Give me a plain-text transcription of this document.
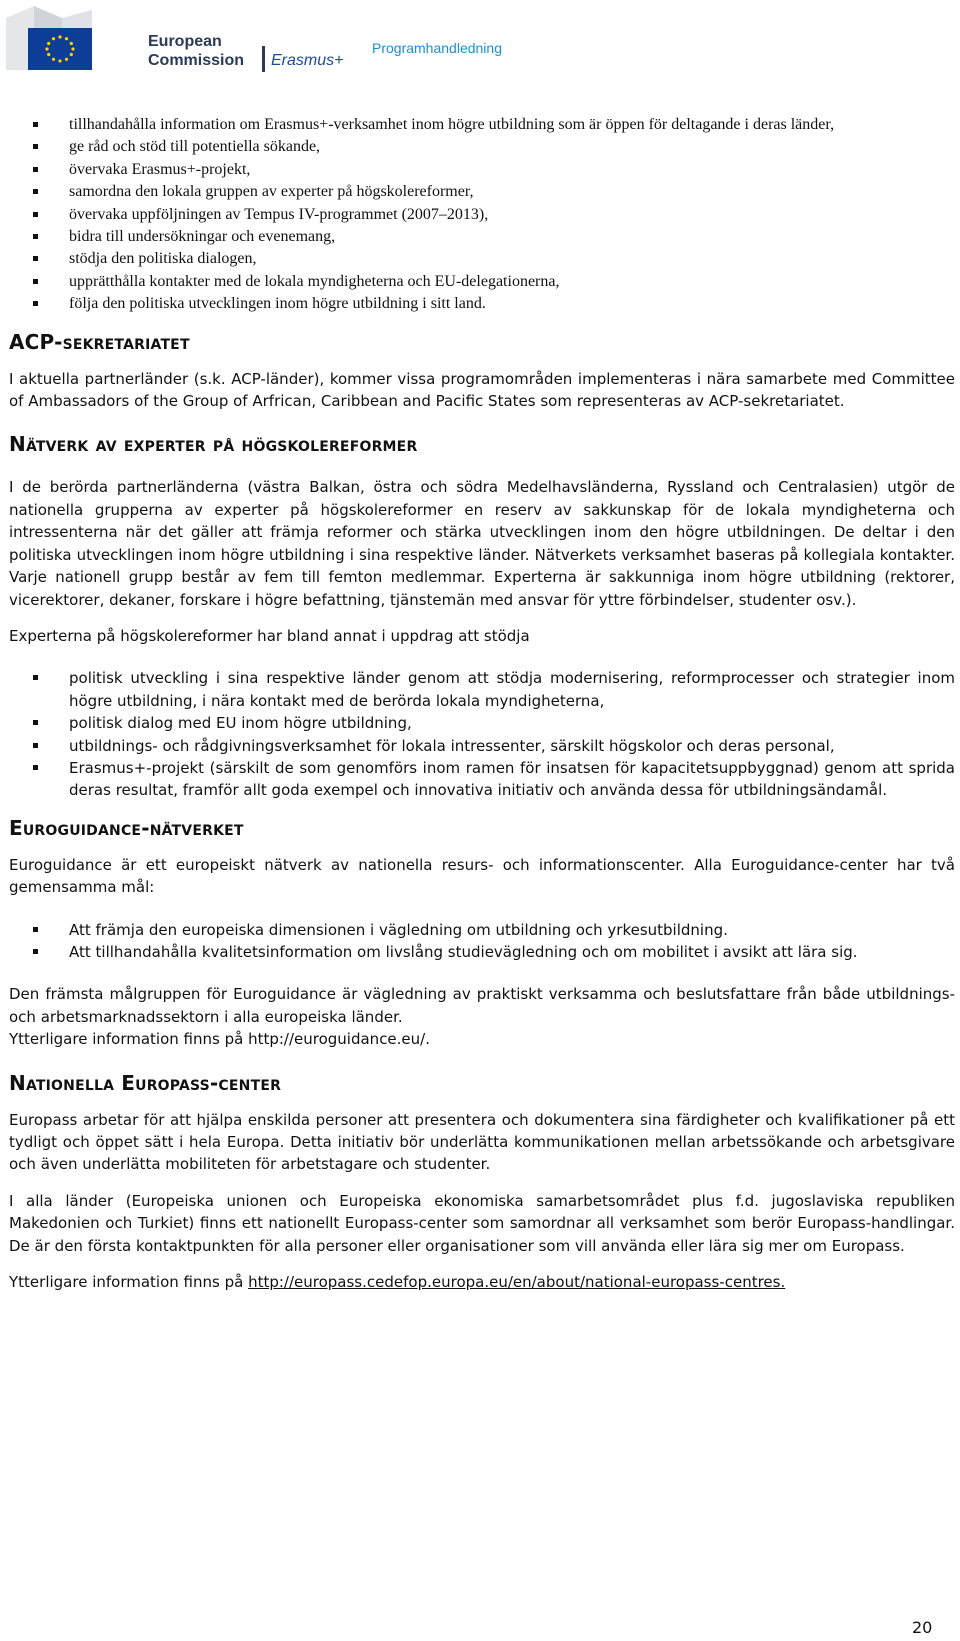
European
Commission Erasmus+
Programhandledning
tillhandahålla information om Erasmus+-verksamhet inom högre utbildning som är öppen för deltagande i deras länder,
ge råd och stöd till potentiella sökande,
övervaka Erasmus+-projekt,
samordna den lokala gruppen av experter på högskolereformer,
övervaka uppföljningen av Tempus IV-programmet (2007–2013),
bidra till undersökningar och evenemang,
stödja den politiska dialogen,
upprätthålla kontakter med de lokala myndigheterna och EU-delegationerna,
följa den politiska utvecklingen inom högre utbildning i sitt land.
ACP-sekretariatet

I aktuella partnerländer (s.k. ACP-länder), kommer vissa programområden implementeras i nära samarbete med Committee of Ambassadors of the Group of Arfrican, Caribbean and Pacific States som representeras av ACP-sekretariatet.

Nätverk av experter på högskolereformer

I de berörda partnerländerna (västra Balkan, östra och södra Medelhavsländerna, Ryssland och Centralasien) utgör de nationella grupperna av experter på högskolereformer en reserv av sakkunskap för de lokala myndigheterna och intressenterna när det gäller att främja reformer och stärka utvecklingen inom den högre utbildningen. De deltar i den politiska utvecklingen inom högre utbildning i sina respektive länder. Nätverkets verksamhet baseras på kollegiala kontakter. Varje nationell grupp består av fem till femton medlemmar. Experterna är sakkunniga inom högre utbildning (rektorer, vicerektorer, dekaner, forskare i högre befattning, tjänstemän med ansvar för yttre förbindelser, studenter osv.).

Experterna på högskolereformer har bland annat i uppdrag att stödja

politisk utveckling i sina respektive länder genom att stödja modernisering, reformprocesser och strategier inom högre utbildning, i nära kontakt med de berörda lokala myndigheterna,
politisk dialog med EU inom högre utbildning,
utbildnings- och rådgivningsverksamhet för lokala intressenter, särskilt högskolor och deras personal,
Erasmus+-projekt (särskilt de som genomförs inom ramen för insatsen för kapacitetsuppbyggnad) genom att sprida deras resultat, framför allt goda exempel och innovativa initiativ och använda dessa för utbildningsändamål.
Euroguidance-nätverket

Euroguidance är ett europeiskt nätverk av nationella resurs- och informationscenter. Alla Euroguidance-center har två gemensamma mål:

Att främja den europeiska dimensionen i vägledning om utbildning och yrkesutbildning.
Att tillhandahålla kvalitetsinformation om livslång studievägledning och om mobilitet i avsikt att lära sig.

Den främsta målgruppen för Euroguidance är vägledning av praktiskt verksamma och beslutsfattare från både utbildnings- och arbetsmarknadssektorn i alla europeiska länder.

Ytterligare information finns på http://euroguidance.eu/.

Nationella Europass-center

Europass arbetar för att hjälpa enskilda personer att presentera och dokumentera sina färdigheter och kvalifikationer på ett tydligt och öppet sätt i hela Europa. Detta initiativ bör underlätta kommunikationen mellan arbetssökande och arbetsgivare och även underlätta mobiliteten för arbetstagare och studenter.

I alla länder (Europeiska unionen och Europeiska ekonomiska samarbetsområdet plus f.d. jugoslaviska republiken Makedonien och Turkiet) finns ett nationellt Europass-center som samordnar all verksamhet som berör Europass-handlingar. De är den första kontaktpunkten för alla personer eller organisationer som vill använda eller lära sig mer om Europass.

Ytterligare information finns på http://europass.cedefop.europa.eu/en/about/national-europass-centres.

20
